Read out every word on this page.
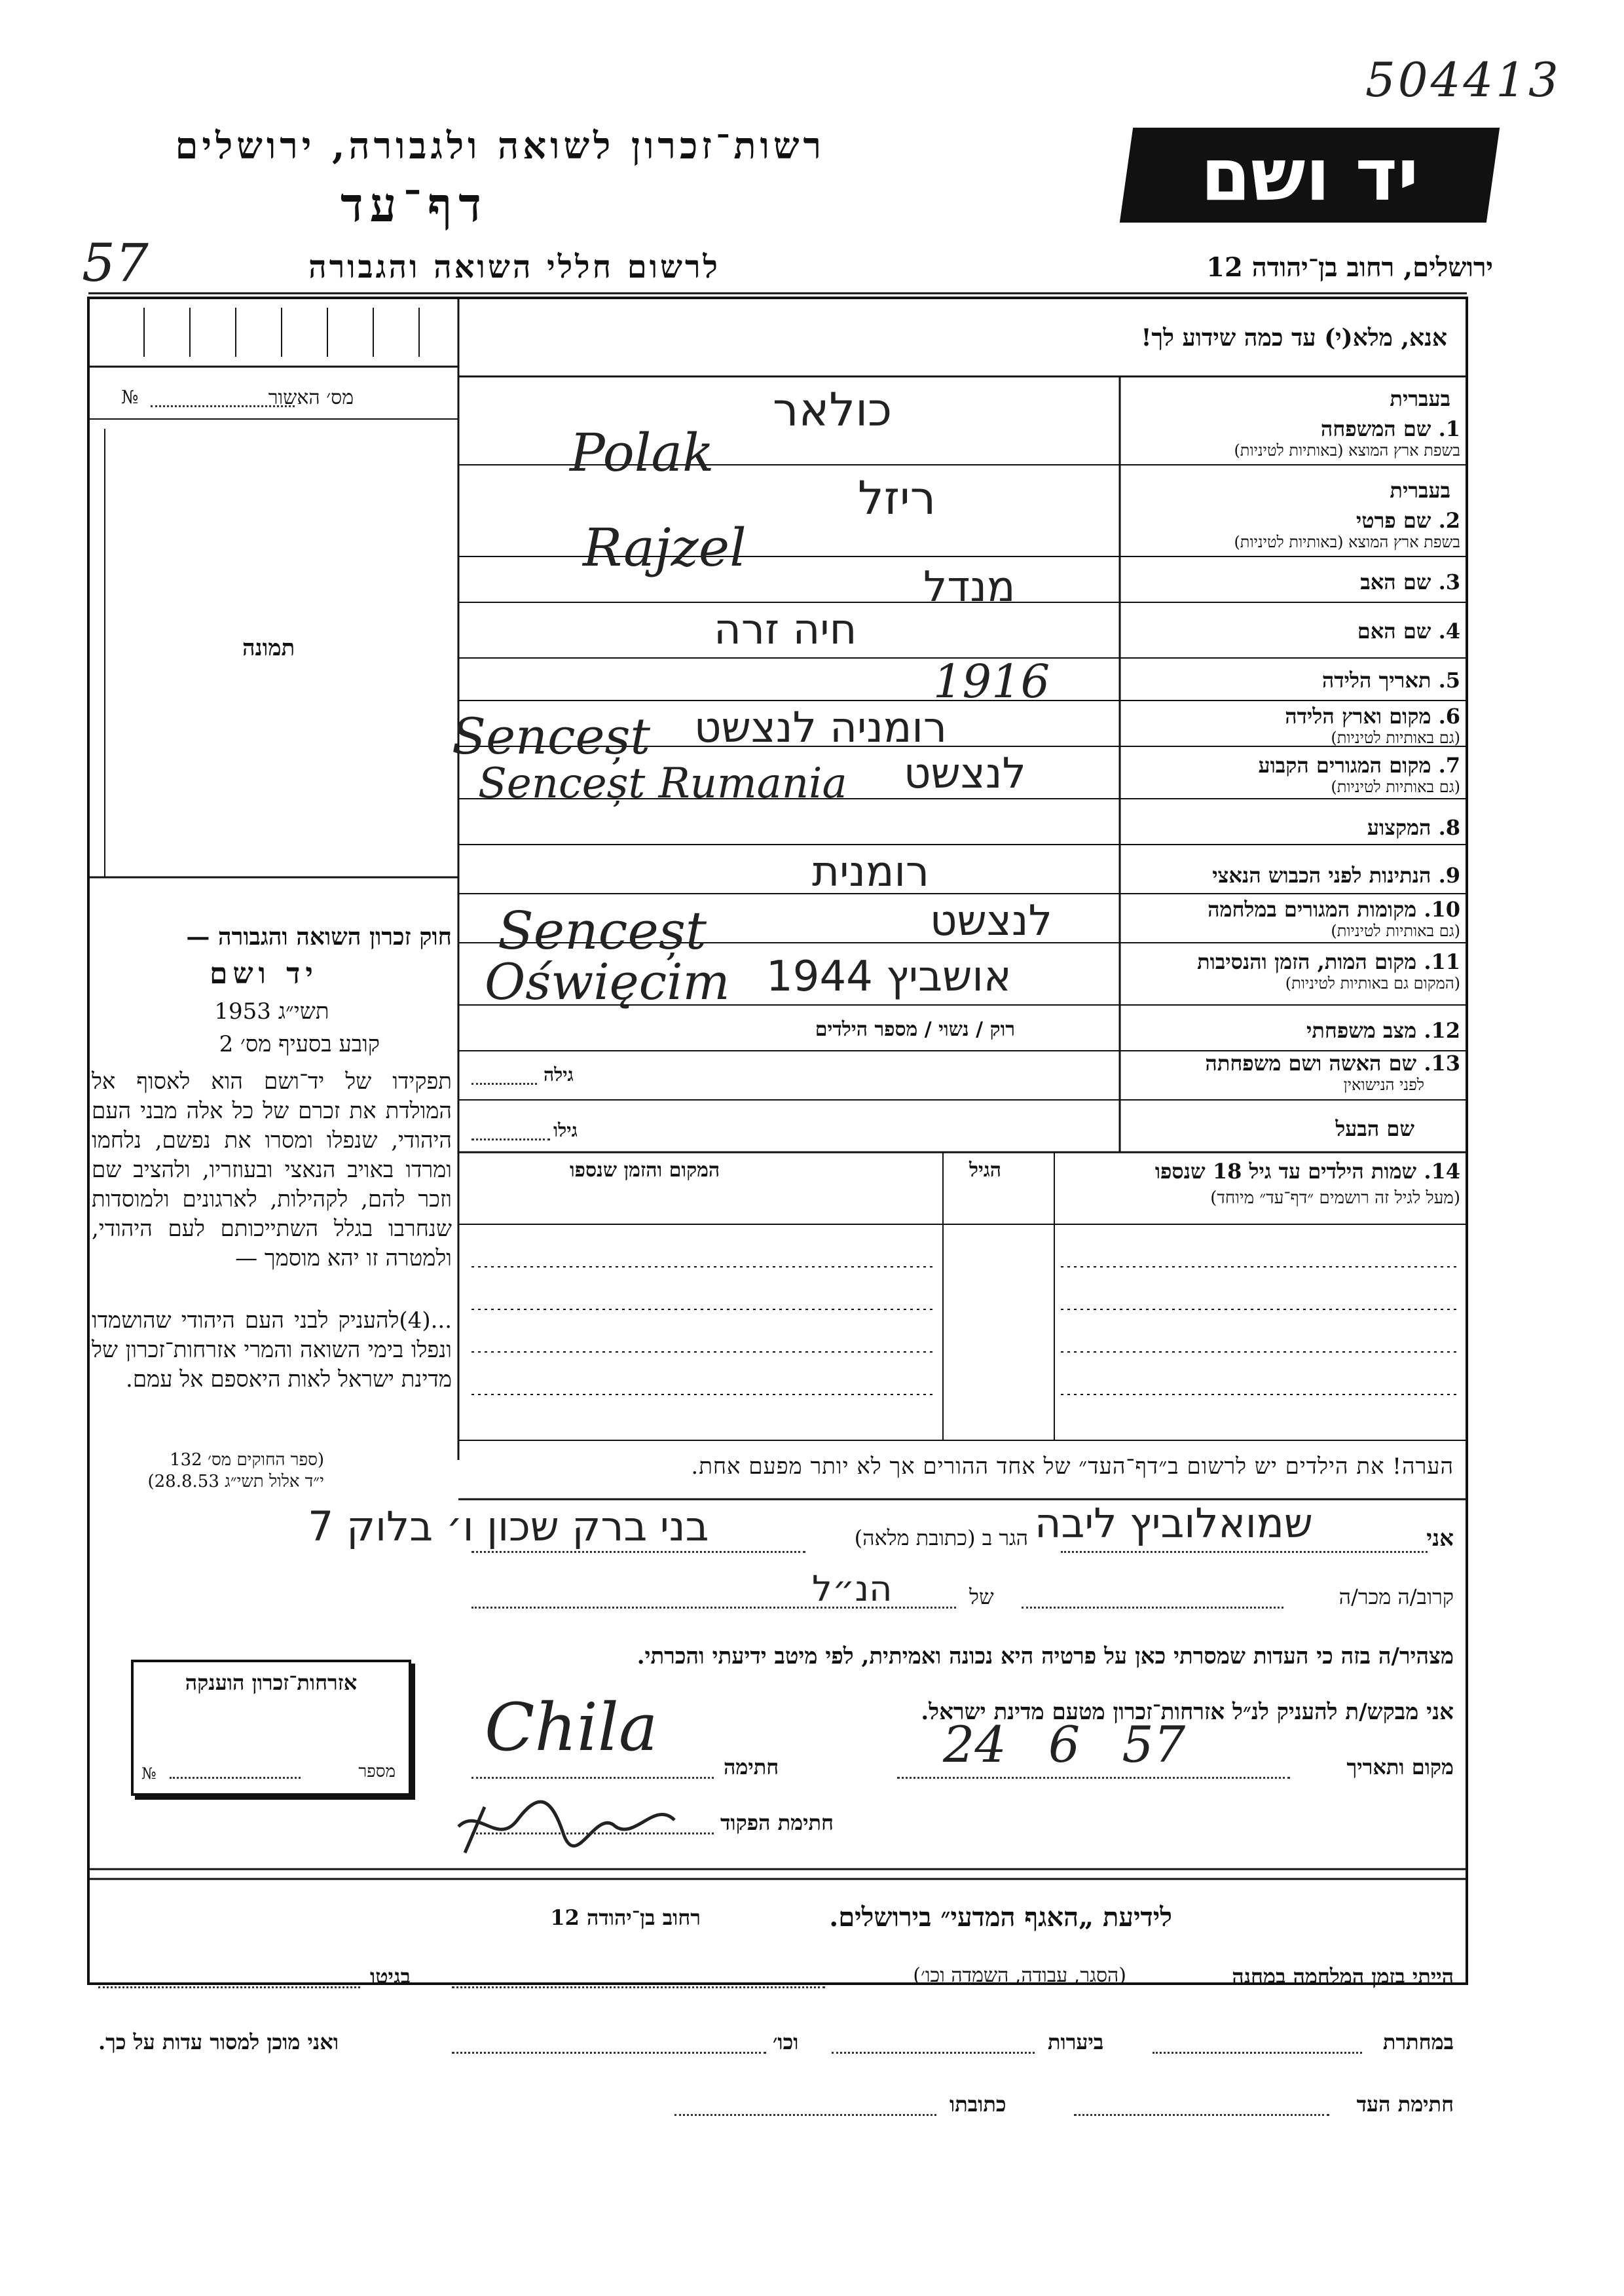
504413
רשות־זכרון לשואה ולגבורה, ירושלים
דף־עד
57	לרשום חללי השואה והגבורה
יד ושם
ירושלים, רחוב בן־יהודה 12
אנא, מלא(י) עד כמה שידוע לך!
מס׳ האשור
№
תמונה
חוק זכרון השואה והגבורה —
יד ושם
תשי״ג 1953
קובע בסעיף מס׳ 2
תפקידו של יד־ושם הוא לאסוף אל המולדת את זכרם של כל אלה מבני העם היהודי, שנפלו ומסרו את נפשם, נלחמו ומרדו באויב הנאצי ובעוזריו, ולהציב שם וזכר להם, לקהילות, לארגונים ולמוסדות שנחרבו בגלל השתייכותם לעם היהודי, ולמטרה זו יהא מוסמך —
...(4)להעניק לבני העם היהודי שהושמדו ונפלו בימי השואה והמרי אזרחות־זכרון של מדינת ישראל לאות היאספם אל עמם.
(ספר החוקים מס׳ 132
י״ד אלול תשי״ג 28.8.53)
אזרחות־זכרון הוענקה
מספר
№
בעברית
1. שם המשפחה
בשפת ארץ המוצא (באותיות לטיניות)
בעברית
2. שם פרטי
בשפת ארץ המוצא (באותיות לטיניות)
3. שם האב
4. שם האם
5. תאריך הלידה
6. מקום וארץ הלידה
(גם באותיות לטיניות)
7. מקום המגורים הקבוע
(גם באותיות לטיניות)
8. המקצוע
9. הנתינות לפני הכבוש הנאצי
10. מקומות המגורים במלחמה
(גם באותיות לטיניות)
11. מקום המות, הזמן והנסיבות
(המקום גם באותיות לטיניות)
12. מצב משפחתי
13. שם האשה ושם משפחתה
לפני הנישואין
שם הבעל
רוק / נשוי / מספר הילדים
גילה
גילו
כולאר
Polak
ריזל
Rajzel
מנדל
חיה זרה
1916
רומניה לנצשט
Senceșt
לנצשט
Senceșt Rumania
רומנית
לנצשט
Senceșt
אושביץ 1944
Oświęcim
14. שמות הילדים עד גיל 18 שנספו
(מעל לגיל זה רושמים ״דף־עד״ מיוחד)
הגיל
המקום והזמן שנספו
הערה! את הילדים יש לרשום ב״דף־העד״ של אחד ההורים אך לא יותר מפעם אחת.
אני
שמואלוביץ ליבה
הגר ב (כתובת מלאה)
בני ברק שכון ו׳ בלוק 7
קרוב/ה מכר/ה
של
הנ״ל
מצהיר/ה בזה כי העדות שמסרתי כאן על פרטיה היא נכונה ואמיתית, לפי מיטב ידיעתי והכרתי.
אני מבקש/ת להעניק לנ״ל אזרחות־זכרון מטעם מדינת ישראל.
מקום ותאריך
24 6 57
חתימה
Chila
חתימת הפקוד
לידיעת „האגף המדעי״ בירושלים.
רחוב בן־יהודה 12
הייתי בזמן המלחמה במחנה
(הסגר, עבודה, השמדה וכו׳)
בגיטו
במחתרת
ביערות
וכו׳
ואני מוכן למסור עדות על כך.
חתימת העד
כתובתו
